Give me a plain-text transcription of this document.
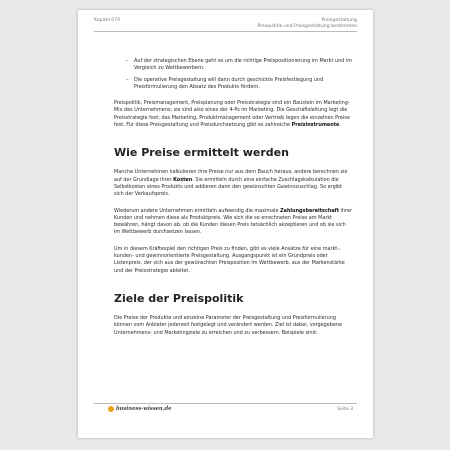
Kapitel 074	Preisgestaltung
Preispolitik und Preisgestaltung bestimmen
– Auf der strategischen Ebene geht es um die richtige Preispositionierung im Markt und im Vergleich zu Wettbewerbern.
– Die operative Preisgestaltung will dann durch geschickte Preisfestlegung und Preisformulierung den Absatz des Produkts fördern.

Preispolitik, Preismanagement, Preisplanung oder Preisstrategie sind ein Baustein im Marketing-Mix des Unternehmens; sie sind also eines der 4-Ps im Marketing. Die Geschäftsleitung legt die Preisstrategie fest; das Marketing, Produktmanagement oder Vertrieb legen die einzelnen Preise fest. Für diese Preisgestaltung und Preisdurchsetzung gibt es zahlreiche Preisinstrumente.

Wie Preise ermittelt werden

Manche Unternehmen kalkulieren ihre Preise nur aus dem Bauch heraus, andere berechnen sie auf der Grundlage ihrer Kosten. Sie ermitteln durch eine einfache Zuschlagskalkulation die Selbstkosten eines Produkts und addieren dann den gewünschten Gewinnzuschlag. So ergibt sich der Verkaufspreis.

Wiederum andere Unternehmen ermitteln aufwendig die maximale Zahlungsbereitschaft ihrer Kunden und nehmen diese als Produktpreis. Wie sich die so errechneten Preise am Markt bewähren, hängt davon ab, ob die Kunden diesen Preis tatsächlich akzeptieren und ob sie sich im Wettbewerb durchsetzen lassen.

Um in diesem Kräftespiel den richtigen Preis zu finden, gibt es viele Ansätze für eine markt-, kunden- und gewinnorientierte Preisgestaltung. Ausgangspunkt ist ein Grundpreis oder Listenpreis, der sich aus der gewünschten Preisposition im Wettbewerb, aus der Markenstärke und der Preisstrategie ableitet.

Ziele der Preispolitik

Die Preise der Produkte und einzelne Parameter der Preisgestaltung und Preisformulierung können vom Anbieter jederzeit festgelegt und verändert werden. Ziel ist dabei, vorgegebene Unternehmens- und Marketingziele zu erreichen und zu verbessern. Beispiele sind:

business-wissen.de	Seite 3
